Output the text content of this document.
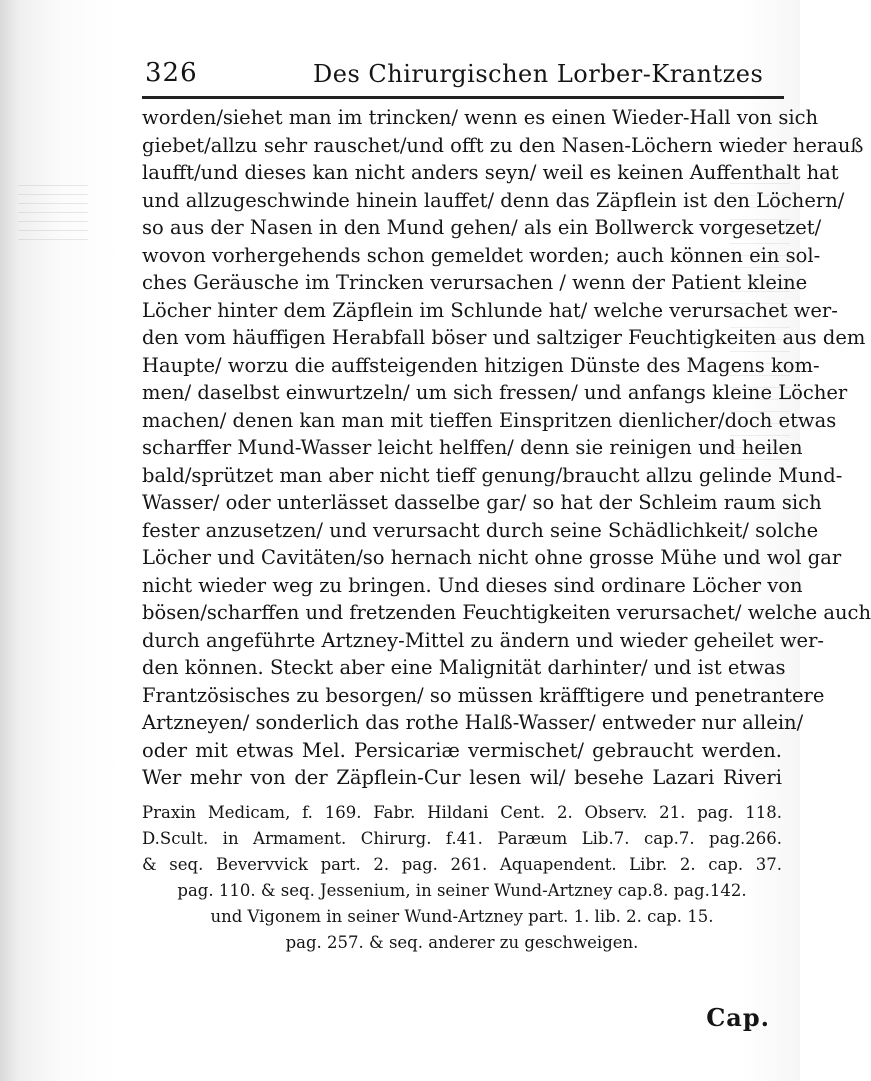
326	Des Chirurgischen Lorber-Krantzes
worden/siehet man im trincken/ wenn es einen Wieder-Hall von sich
giebet/allzu sehr rauschet/und offt zu den Nasen-Löchern wieder herauß
laufft/und dieses kan nicht anders seyn/ weil es keinen Auffenthalt hat
und allzugeschwinde hinein lauffet/ denn das Zäpflein ist den Löchern/
so aus der Nasen in den Mund gehen/ als ein Bollwerck vorgesetzet/
wovon vorhergehends schon gemeldet worden; auch können ein sol-
ches Geräusche im Trincken verursachen / wenn der Patient kleine
Löcher hinter dem Zäpflein im Schlunde hat/ welche verursachet wer-
den vom häuffigen Herabfall böser und saltziger Feuchtigkeiten aus dem
Haupte/ worzu die auffsteigenden hitzigen Dünste des Magens kom-
men/ daselbst einwurtzeln/ um sich fressen/ und anfangs kleine Löcher
machen/ denen kan man mit tieffen Einspritzen dienlicher/doch etwas
scharffer Mund-Wasser leicht helffen/ denn sie reinigen und heilen
bald/sprützet man aber nicht tieff genung/braucht allzu gelinde Mund-
Wasser/ oder unterlässet dasselbe gar/ so hat der Schleim raum sich
fester anzusetzen/ und verursacht durch seine Schädlichkeit/ solche
Löcher und Cavitäten/so hernach nicht ohne grosse Mühe und wol gar
nicht wieder weg zu bringen. Und dieses sind ordinare Löcher von
bösen/scharffen und fretzenden Feuchtigkeiten verursachet/ welche auch
durch angeführte Artzney-Mittel zu ändern und wieder geheilet wer-
den können. Steckt aber eine Malignität darhinter/ und ist etwas
Frantzösisches zu besorgen/ so müssen kräfftigere und penetrantere
Artzneyen/ sonderlich das rothe Halß-Wasser/ entweder nur allein/
oder mit etwas Mel. Persicariæ vermischet/ gebraucht werden.
Wer mehr von der Zäpflein-Cur lesen wil/ besehe Lazari Riveri
Praxin Medicam, f. 169. Fabr. Hildani Cent. 2. Observ. 21. pag. 118.
D.Scult. in Armament. Chirurg. f.41. Paræum Lib.7. cap.7. pag.266.
& seq. Bevervvick part. 2. pag. 261. Aquapendent. Libr. 2. cap. 37.
pag. 110. & seq. Jessenium, in seiner Wund-Artzney cap.8. pag.142.
und Vigonem in seiner Wund-Artzney part. 1. lib. 2. cap. 15.
pag. 257. & seq. anderer zu geschweigen.
Cap.
